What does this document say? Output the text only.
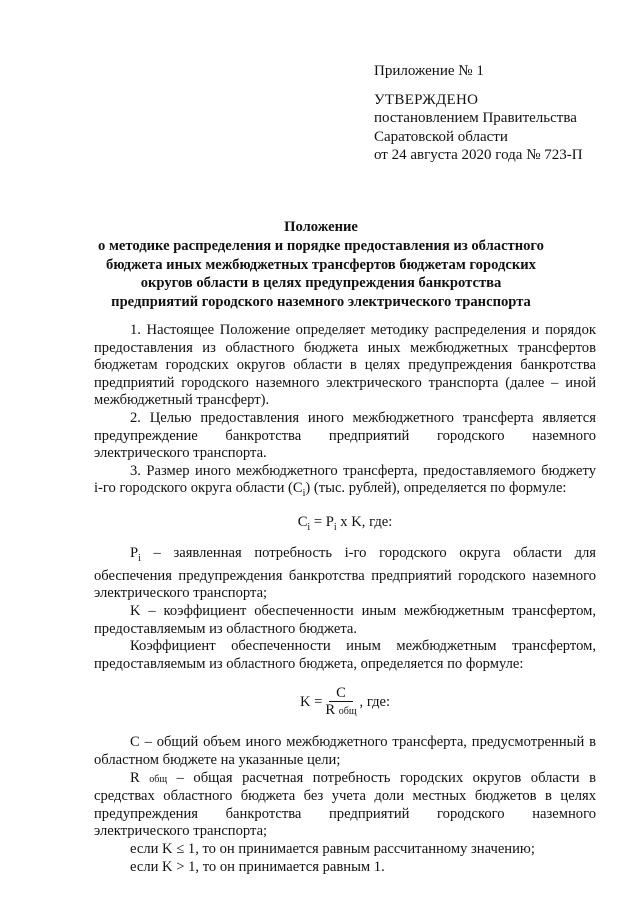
Приложение № 1
УТВЕРЖДЕНО
постановлением Правительства
Саратовской области
от 24 августа 2020 года № 723-П
Положение
о методике распределения и порядке предоставления из областного бюджета иных межбюджетных трансфертов бюджетам городских округов области в целях предупреждения банкротства предприятий городского наземного электрического транспорта

1. Настоящее Положение определяет методику распределения и порядок предоставления из областного бюджета иных межбюджетных трансфертов бюджетам городских округов области в целях предупреждения банкротства предприятий городского наземного электрического транспорта (далее – иной межбюджетный трансферт).

2. Целью предоставления иного межбюджетного трансферта является предупреждение банкротства предприятий городского наземного электрического транспорта.

3. Размер иного межбюджетного трансферта, предоставляемого бюджету i-го городского округа области $(C_i)$ (тыс. рублей), определяется по формуле:

$C_i = P_i$ x K, где:

$P_i$ – заявленная потребность i-го городского округа области для обеспечения предупреждения банкротства предприятий городского наземного электрического транспорта;

K – коэффициент обеспеченности иным межбюджетным трансфертом, предоставляемым из областного бюджета.

Коэффициент обеспеченности иным межбюджетным трансфертом, предоставляемым из областного бюджета, определяется по формуле:

$K = \frac{C}{\text{R общ}}$ , где:

C – общий объем иного межбюджетного трансферта, предусмотренный в областном бюджете на указанные цели;

R общ – общая расчетная потребность городских округов области в средствах областного бюджета без учета доли местных бюджетов в целях предупреждения банкротства предприятий городского наземного электрического транспорта;

если K ≤ 1, то он принимается равным рассчитанному значению;

если K > 1, то он принимается равным 1.
